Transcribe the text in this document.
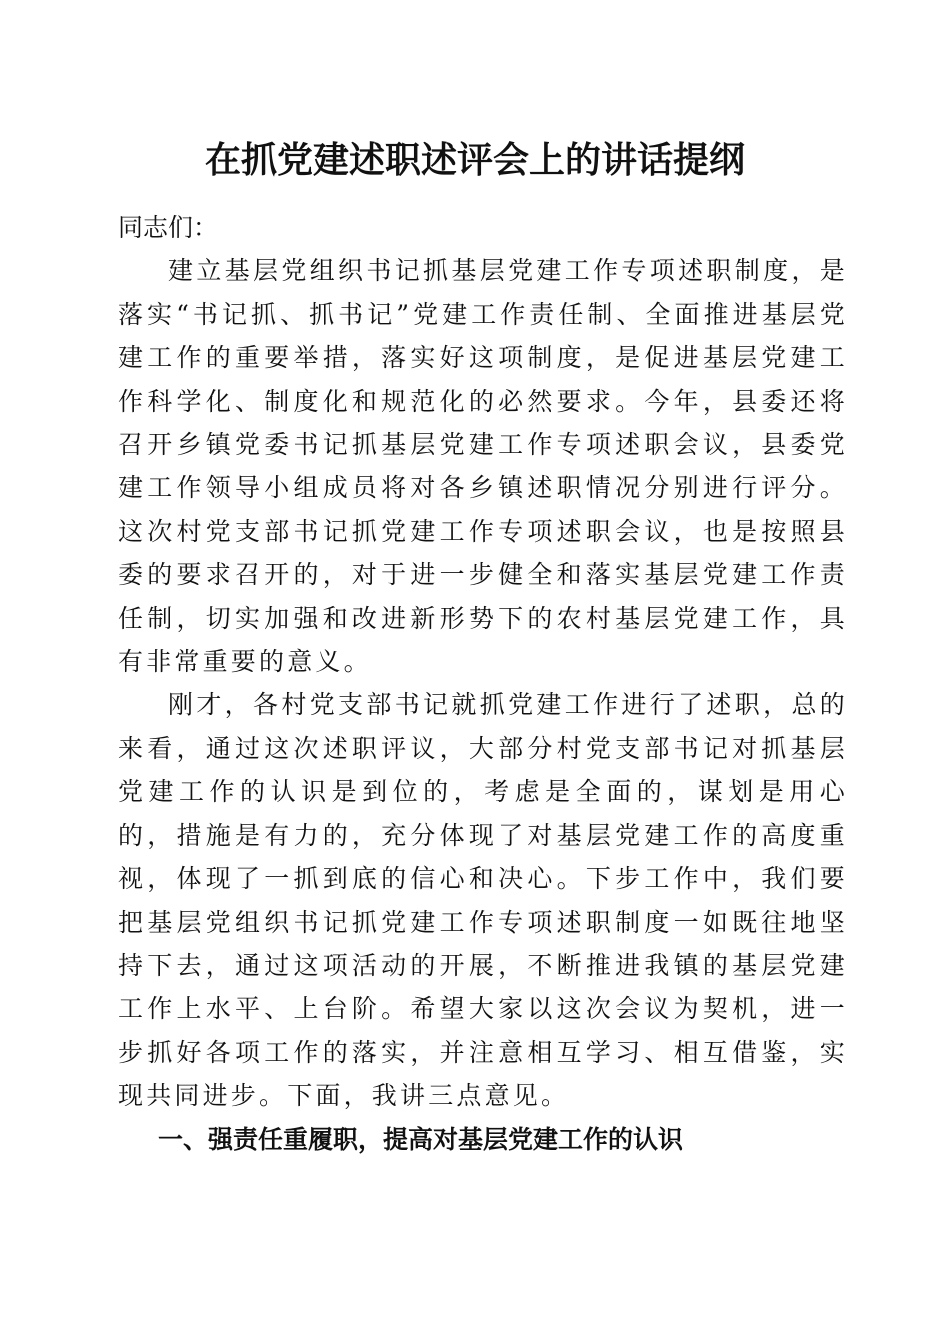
在抓党建述职述评会上的讲话提纲

同志们：

建立基层党组织书记抓基层党建工作专项述职制度，是落实“书记抓、抓书记”党建工作责任制、全面推进基层党建工作的重要举措，落实好这项制度，是促进基层党建工作科学化、制度化和规范化的必然要求。今年，县委还将召开乡镇党委书记抓基层党建工作专项述职会议，县委党建工作领导小组成员将对各乡镇述职情况分别进行评分。这次村党支部书记抓党建工作专项述职会议，也是按照县委的要求召开的，对于进一步健全和落实基层党建工作责任制，切实加强和改进新形势下的农村基层党建工作，具有非常重要的意义。

刚才，各村党支部书记就抓党建工作进行了述职，总的来看，通过这次述职评议，大部分村党支部书记对抓基层党建工作的认识是到位的，考虑是全面的，谋划是用心的，措施是有力的，充分体现了对基层党建工作的高度重视，体现了一抓到底的信心和决心。下步工作中，我们要把基层党组织书记抓党建工作专项述职制度一如既往地坚持下去，通过这项活动的开展，不断推进我镇的基层党建工作上水平、上台阶。希望大家以这次会议为契机，进一步抓好各项工作的落实，并注意相互学习、相互借鉴，实现共同进步。下面，我讲三点意见。

一、强责任重履职，提高对基层党建工作的认识
